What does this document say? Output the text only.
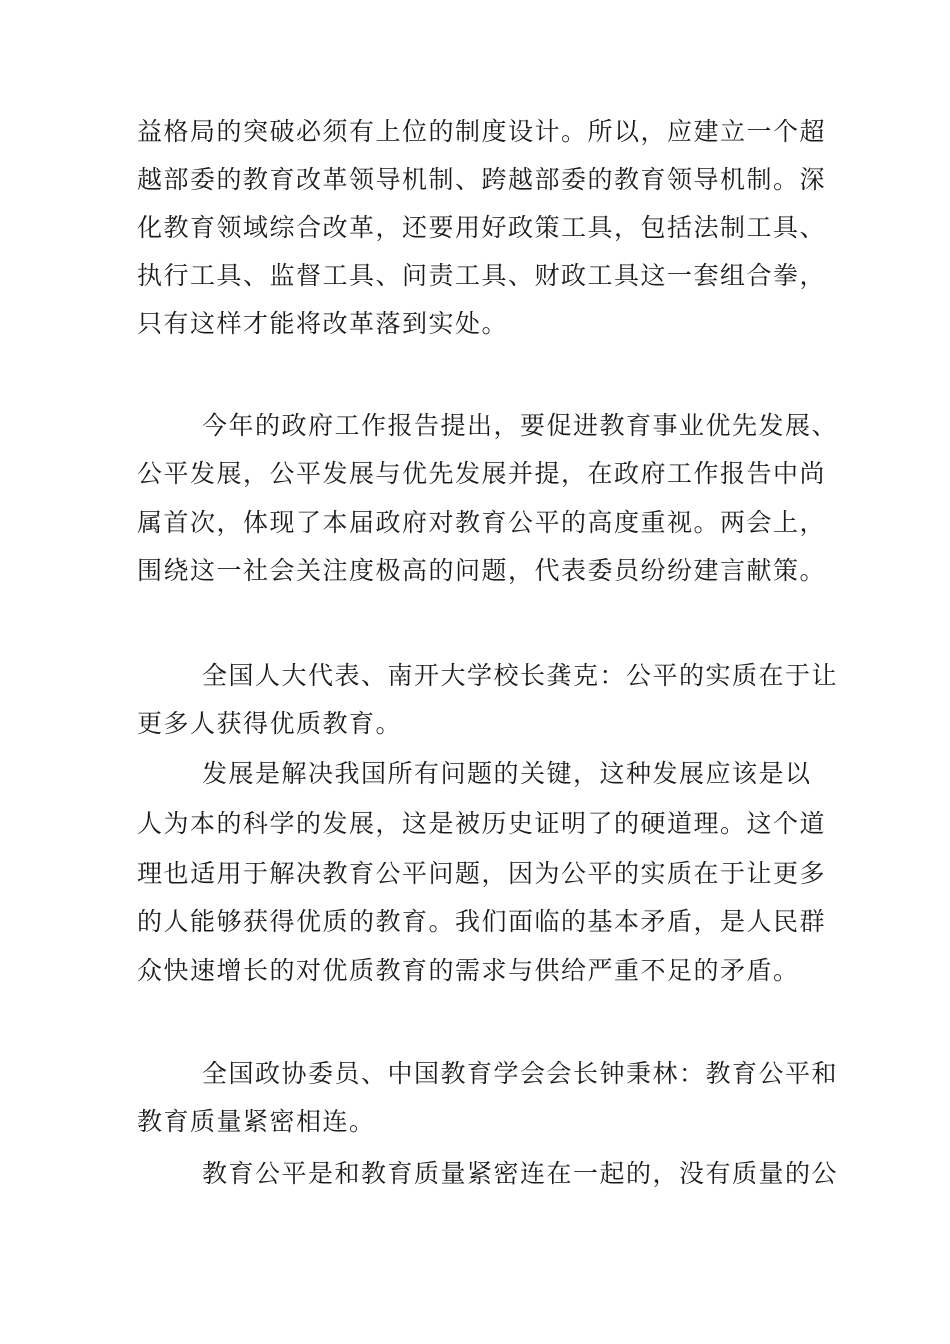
益格局的突破必须有上位的制度设计。所以，应建立一个超

越部委的教育改革领导机制、跨越部委的教育领导机制。深

化教育领域综合改革，还要用好政策工具，包括法制工具、

执行工具、监督工具、问责工具、财政工具这一套组合拳，

只有这样才能将改革落到实处。

今年的政府工作报告提出，要促进教育事业优先发展、

公平发展，公平发展与优先发展并提，在政府工作报告中尚

属首次，体现了本届政府对教育公平的高度重视。两会上，

围绕这一社会关注度极高的问题，代表委员纷纷建言献策。

全国人大代表、南开大学校长龚克：公平的实质在于让

更多人获得优质教育。

发展是解决我国所有问题的关键，这种发展应该是以

人为本的科学的发展，这是被历史证明了的硬道理。这个道

理也适用于解决教育公平问题，因为公平的实质在于让更多

的人能够获得优质的教育。我们面临的基本矛盾，是人民群

众快速增长的对优质教育的需求与供给严重不足的矛盾。

全国政协委员、中国教育学会会长钟秉林：教育公平和

教育质量紧密相连。

教育公平是和教育质量紧密连在一起的，没有质量的公
